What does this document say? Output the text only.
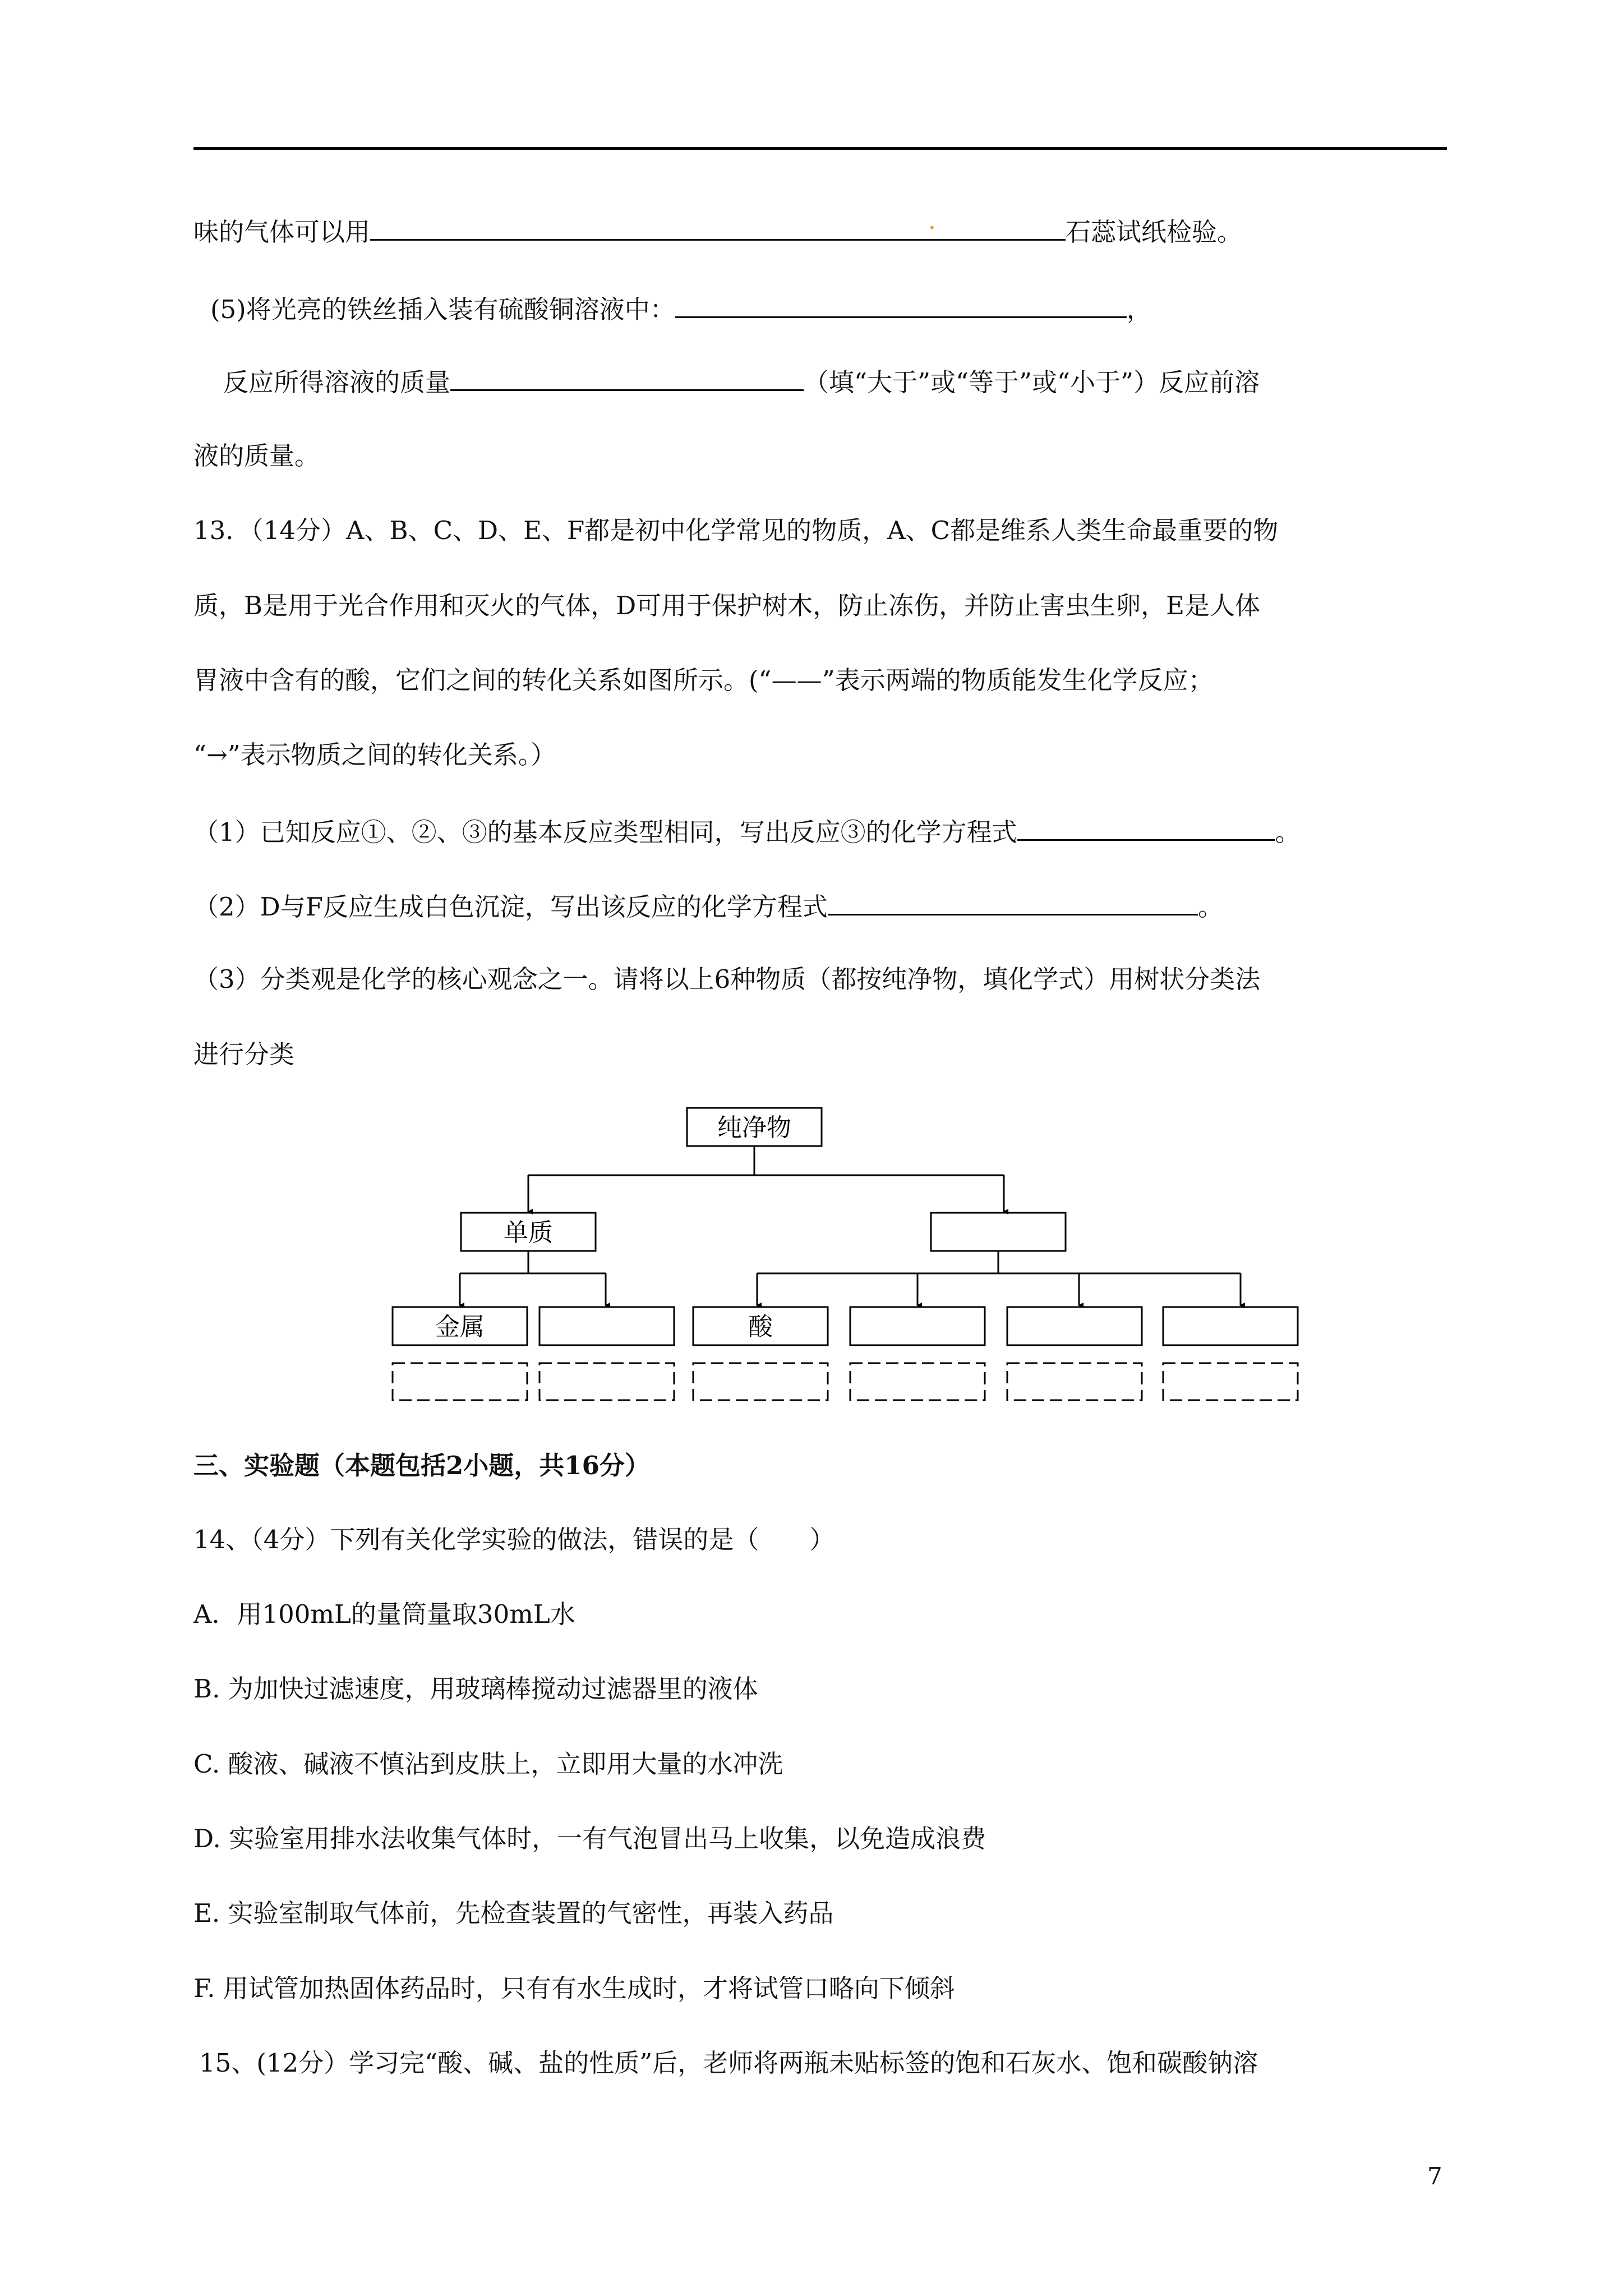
味的气体可以用	.	石蕊试纸检验。
(5)将光亮的铁丝插入装有硫酸铜溶液中：	，
反应所得溶液的质量	（填“大于”或“等于”或“小于”）反应前溶
液的质量。
13．（14分）A、B、C、D、E、F都是初中化学常见的物质，A、C都是维系人类生命最重要的物
质，B是用于光合作用和灭火的气体，D可用于保护树木，防止冻伤，并防止害虫生卵，E是人体
胃液中含有的酸，它们之间的转化关系如图所示。(“——”表示两端的物质能发生化学反应；
“→”表示物质之间的转化关系。）
（1）已知反应①、②、③的基本反应类型相同，写出反应③的化学方程式	。
（2）D与F反应生成白色沉淀，写出该反应的化学方程式	。
（3）分类观是化学的核心观念之一。请将以上6种物质（都按纯净物，填化学式）用树状分类法
进行分类
纯净物
单质
金属	酸
三、实验题（本题包括2小题，共16分）
14、（4分）下列有关化学实验的做法，错误的是（　　）
A．用100mL的量筒量取30mL水
B. 为加快过滤速度，用玻璃棒搅动过滤器里的液体
C. 酸液、碱液不慎沾到皮肤上，立即用大量的水冲洗
D. 实验室用排水法收集气体时，一有气泡冒出马上收集，以免造成浪费
E. 实验室制取气体前，先检查装置的气密性，再装入药品
F. 用试管加热固体药品时，只有有水生成时，才将试管口略向下倾斜
15、(12分）学习完“酸、碱、盐的性质”后，老师将两瓶未贴标签的饱和石灰水、饱和碳酸钠溶
7
